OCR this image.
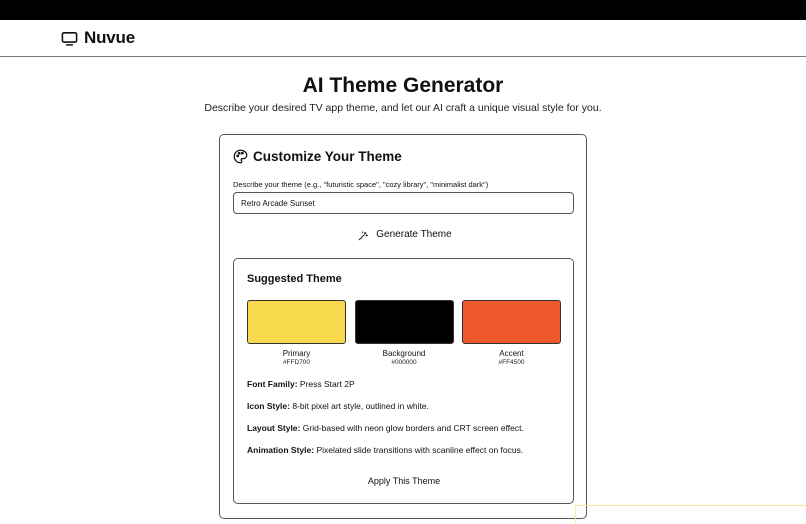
Nuvue
AI Theme Generator

Describe your desired TV app theme, and let our AI craft a unique visual style for you.

Customize Your Theme
Describe your theme (e.g., "futuristic space", "cozy library", "minimalist dark")
Retro Arcade Sunset
Generate Theme
Suggested Theme
Primary
#FFD700
Background
#000000
Accent
#FF4500
Font Family: Press Start 2P
Icon Style: 8-bit pixel art style, outlined in white.
Layout Style: Grid-based with neon glow borders and CRT screen effect.
Animation Style: Pixelated slide transitions with scanline effect on focus.
Apply This Theme
